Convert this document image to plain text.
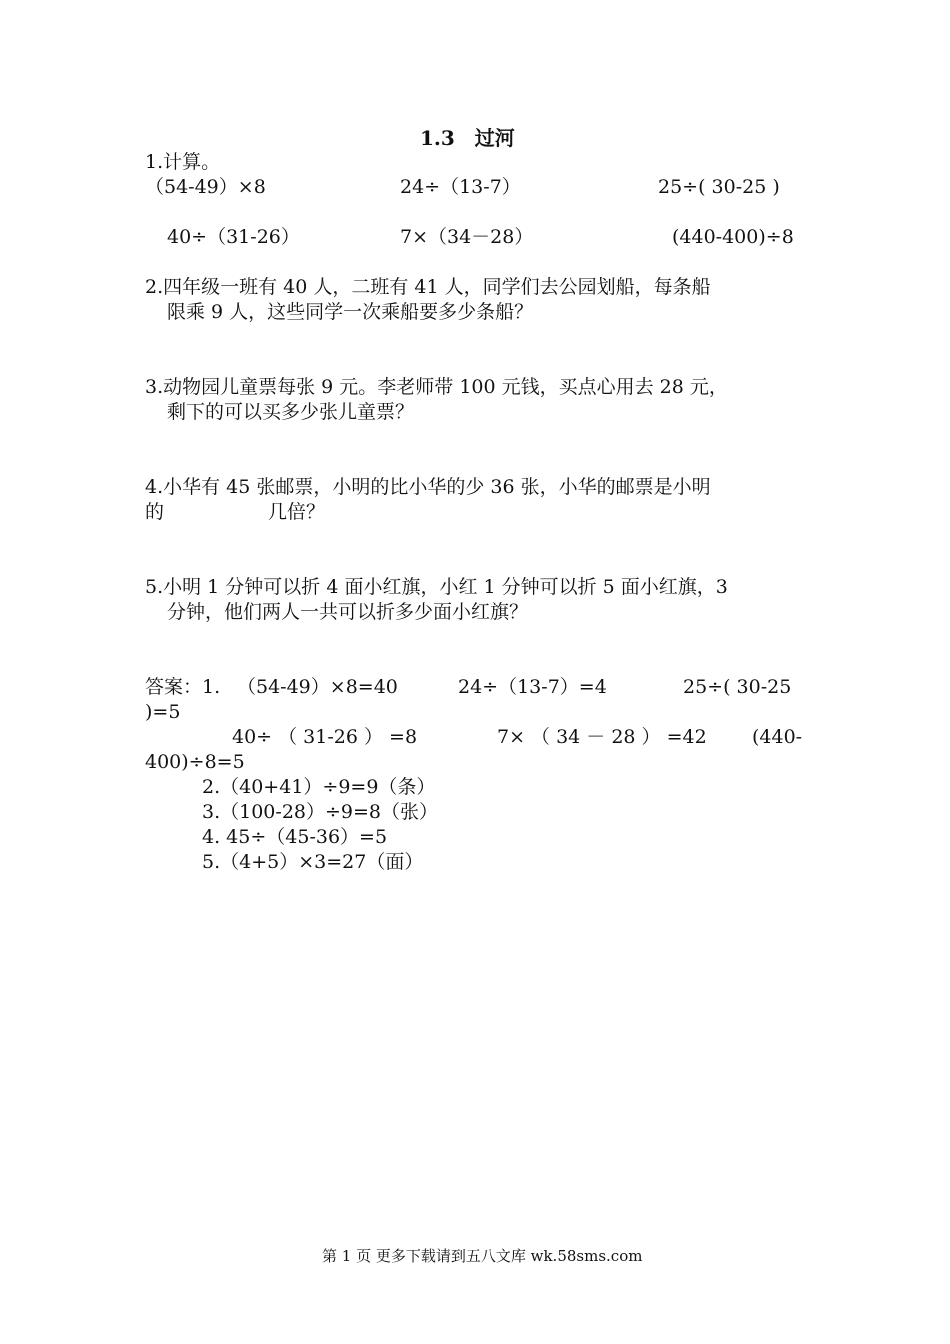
1.3　过河
1.计算。
（54-49）×8	24÷（13-7）	25÷( 30-25 )
40÷（31-26）	7×（34－28）	(440-400)÷8
2.四年级一班有 40 人，二班有 41 人，同学们去公园划船，每条船
限乘 9 人，这些同学一次乘船要多少条船？
3.动物园儿童票每张 9 元。李老师带 100 元钱，买点心用去 28 元，
剩下的可以买多少张儿童票？
4.小华有 45 张邮票，小明的比小华的少 36 张，小华的邮票是小明
的	几倍？
5.小明 1 分钟可以折 4 面小红旗，小红 1 分钟可以折 5 面小红旗，3
分钟，他们两人一共可以折多少面小红旗？
答案：1. （54-49）×8=40	24÷（13-7）=4	25÷( 30-25
)=5
40÷ （ 31-26 ） =8	7× （ 34 － 28 ） =42 (440-
400)÷8=5
2.（40+41）÷9=9（条）
3.（100-28）÷9=8（张）
4. 45÷（45-36）=5
5.（4+5）×3=27（面）
第 1 页 更多下载请到五八文库 wk.58sms.com
